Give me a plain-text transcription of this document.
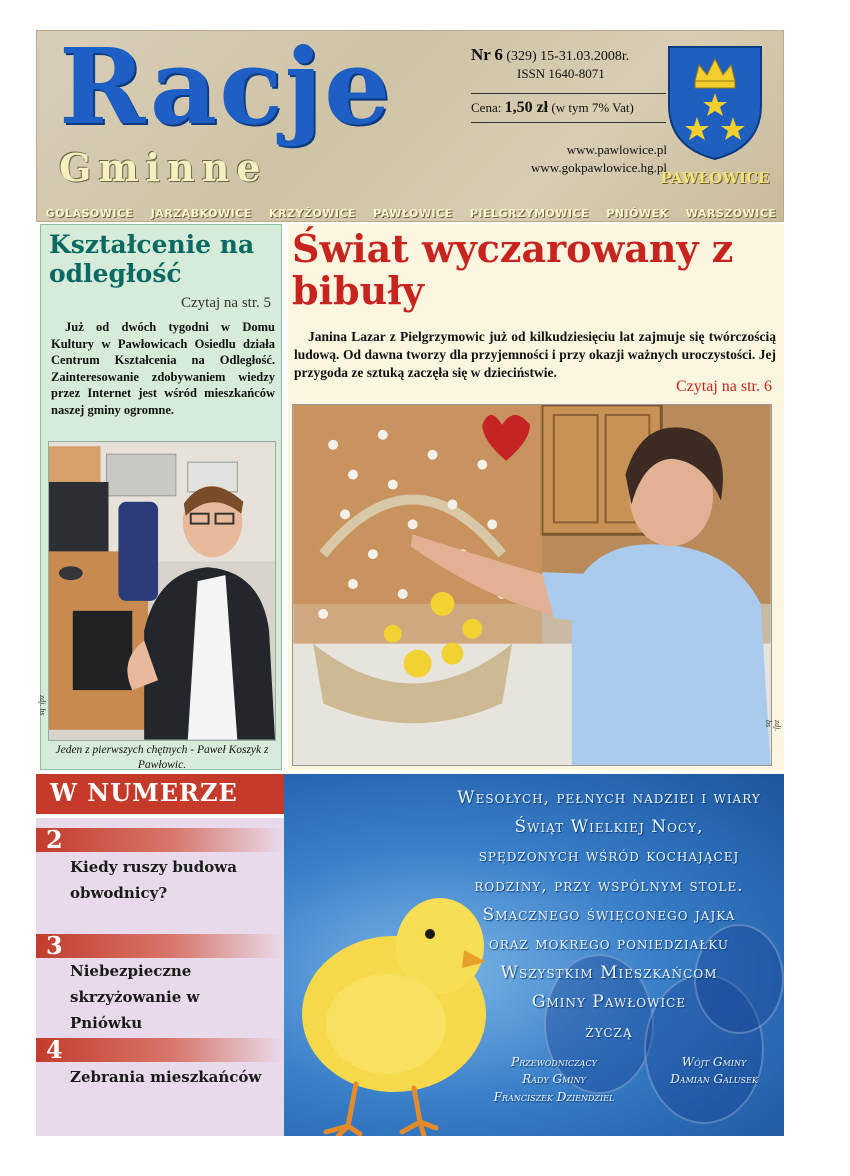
Racje
Gminne
Nr 6 (329) 15-31.03.2008r.
ISSN 1640-8071
Cena: 1,50 zł (w tym 7% Vat)
www.pawlowice.pl
www.gokpawlowice.hg.pl
PAWŁOWICE
GOLASOWICE JARZĄBKOWICE KRZYŻOWICE PAWŁOWICE PIELGRZYMOWICE PNIÓWEK WARSZOWICE
Kształcenie na odległość
Czytaj na str. 5
Już od dwóch tygodni w Domu Kultury w Pawłowicach Osiedlu działa Centrum Kształcenia na Odległość. Zainteresowanie zdobywaniem wiedzy przez Internet jest wśród mieszkańców naszej gminy ogromne.
Jeden z pierwszych chętnych - Paweł Koszyk z Pawłowic.
zdj. bs
Świat wyczarowany z bibuły
Janina Lazar z Pielgrzymowic już od kilkudziesięciu lat zajmuje się twórczością ludową. Od dawna tworzy dla przyjemności i przy okazji ważnych uroczystości. Jej przygoda ze sztuką zaczęła się w dzieciństwie.
Czytaj na str. 6
zdj. bs
W NUMERZE
2
Kiedy ruszy budowa obwodnicy?
3
Niebezpieczne skrzyżowanie w Pniówku
4
Zebrania mieszkańców
Wesołych, pełnych nadziei i wiary
Świąt Wielkiej Nocy,
spędzonych wśród kochającej
rodziny, przy wspólnym stole.
Smacznego święconego jajka
oraz mokrego poniedziałku
Wszystkim Mieszkańcom
Gminy Pawłowice
życzą
Przewodniczący
Rady Gminy
Franciszek Dziendziel
Wójt Gminy
Damian Galusek
